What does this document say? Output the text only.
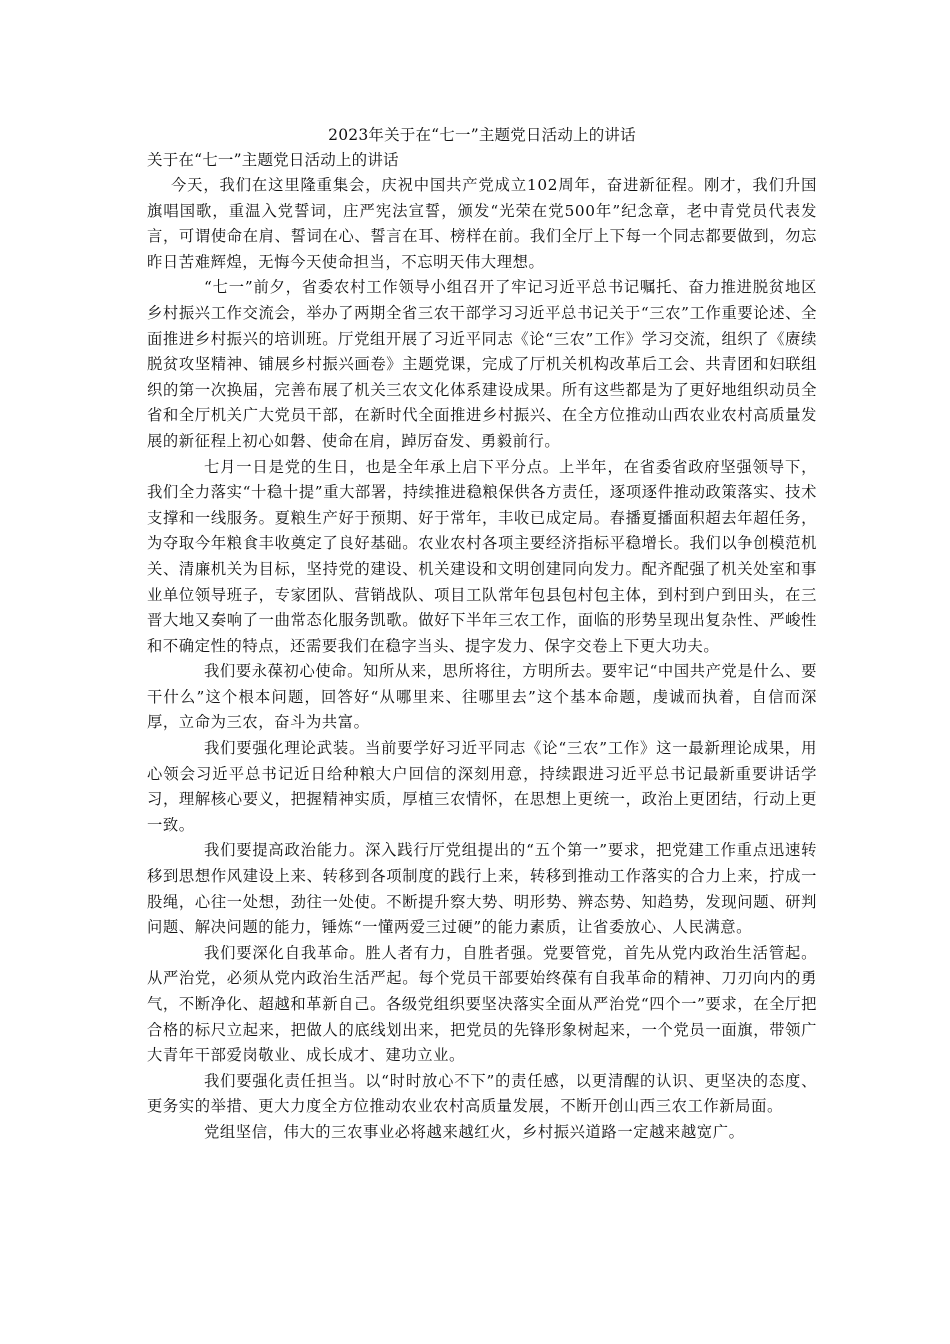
2023年关于在“七一”主题党日活动上的讲话

关于在“七一”主题党日活动上的讲话

今天，我们在这里隆重集会，庆祝中国共产党成立102周年，奋进新征程。刚才，我们升国旗唱国歌，重温入党誓词，庄严宪法宣誓，颁发“光荣在党500年”纪念章，老中青党员代表发言，可谓使命在肩、誓词在心、誓言在耳、榜样在前。我们全厅上下每一个同志都要做到，勿忘昨日苦难辉煌，无悔今天使命担当，不忘明天伟大理想。

“七一”前夕，省委农村工作领导小组召开了牢记习近平总书记嘱托、奋力推进脱贫地区乡村振兴工作交流会，举办了两期全省三农干部学习习近平总书记关于“三农”工作重要论述、全面推进乡村振兴的培训班。厅党组开展了习近平同志《论“三农”工作》学习交流，组织了《赓续脱贫攻坚精神、铺展乡村振兴画卷》主题党课，完成了厅机关机构改革后工会、共青团和妇联组织的第一次换届，完善布展了机关三农文化体系建设成果。所有这些都是为了更好地组织动员全省和全厅机关广大党员干部，在新时代全面推进乡村振兴、在全方位推动山西农业农村高质量发展的新征程上初心如磐、使命在肩，踔厉奋发、勇毅前行。

七月一日是党的生日，也是全年承上启下平分点。上半年，在省委省政府坚强领导下，我们全力落实“十稳十提”重大部署，持续推进稳粮保供各方责任，逐项逐件推动政策落实、技术支撑和一线服务。夏粮生产好于预期、好于常年，丰收已成定局。春播夏播面积超去年超任务，为夺取今年粮食丰收奠定了良好基础。农业农村各项主要经济指标平稳增长。我们以争创模范机关、清廉机关为目标，坚持党的建设、机关建设和文明创建同向发力。配齐配强了机关处室和事业单位领导班子，专家团队、营销战队、项目工队常年包县包村包主体，到村到户到田头，在三晋大地又奏响了一曲常态化服务凯歌。做好下半年三农工作，面临的形势呈现出复杂性、严峻性和不确定性的特点，还需要我们在稳字当头、提字发力、保字交卷上下更大功夫。

我们要永葆初心使命。知所从来，思所将往，方明所去。要牢记“中国共产党是什么、要干什么”这个根本问题，回答好“从哪里来、往哪里去”这个基本命题，虔诚而执着，自信而深厚，立命为三农，奋斗为共富。

我们要强化理论武装。当前要学好习近平同志《论“三农”工作》这一最新理论成果，用心领会习近平总书记近日给种粮大户回信的深刻用意，持续跟进习近平总书记最新重要讲话学习，理解核心要义，把握精神实质，厚植三农情怀，在思想上更统一，政治上更团结，行动上更一致。

我们要提高政治能力。深入践行厅党组提出的“五个第一”要求，把党建工作重点迅速转移到思想作风建设上来、转移到各项制度的践行上来，转移到推动工作落实的合力上来，拧成一股绳，心往一处想，劲往一处使。不断提升察大势、明形势、辨态势、知趋势，发现问题、研判问题、解决问题的能力，锤炼“一懂两爱三过硬”的能力素质，让省委放心、人民满意。

我们要深化自我革命。胜人者有力，自胜者强。党要管党，首先从党内政治生活管起。从严治党，必须从党内政治生活严起。每个党员干部要始终葆有自我革命的精神、刀刃向内的勇气，不断净化、超越和革新自己。各级党组织要坚决落实全面从严治党“四个一”要求，在全厅把合格的标尺立起来，把做人的底线划出来，把党员的先锋形象树起来，一个党员一面旗，带领广大青年干部爱岗敬业、成长成才、建功立业。

我们要强化责任担当。以“时时放心不下”的责任感，以更清醒的认识、更坚决的态度、更务实的举措、更大力度全方位推动农业农村高质量发展，不断开创山西三农工作新局面。

党组坚信，伟大的三农事业必将越来越红火，乡村振兴道路一定越来越宽广。
